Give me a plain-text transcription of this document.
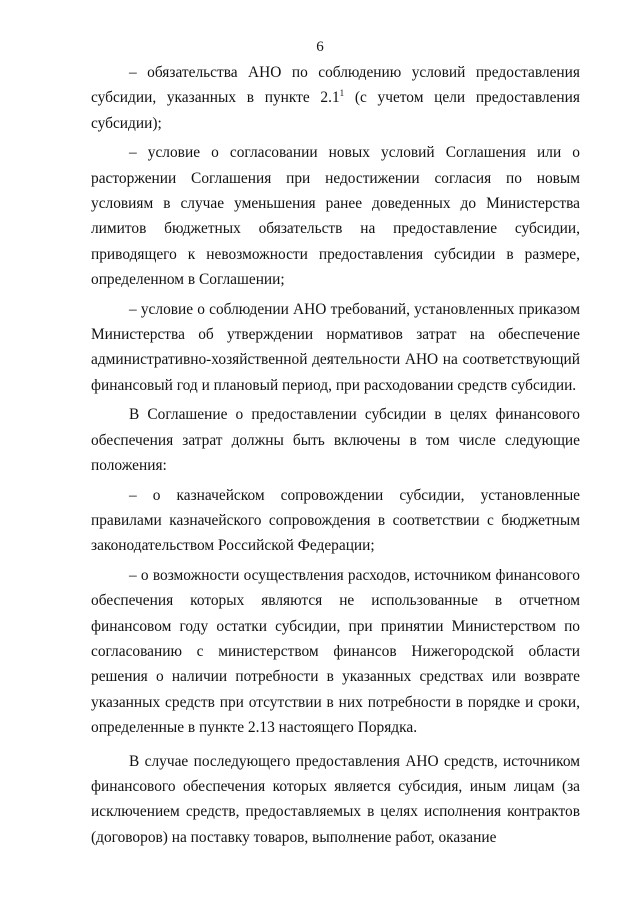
6

– обязательства АНО по соблюдению условий предоставления субсидии, указанных в пункте $2.1^1$ (с учетом цели предоставления субсидии);

– условие о согласовании новых условий Соглашения или о расторжении Соглашения при недостижении согласия по новым условиям в случае уменьшения ранее доведенных до Министерства лимитов бюджетных обязательств на предоставление субсидии, приводящего к невозможности предоставления субсидии в размере, определенном в Соглашении;

– условие о соблюдении АНО требований, установленных приказом Министерства об утверждении нормативов затрат на обеспечение административно-хозяйственной деятельности АНО на соответствующий финансовый год и плановый период, при расходовании средств субсидии.

В Соглашение о предоставлении субсидии в целях финансового обеспечения затрат должны быть включены в том числе следующие положения:

– о казначейском сопровождении субсидии, установленные правилами казначейского сопровождения в соответствии с бюджетным законодательством Российской Федерации;

– о возможности осуществления расходов, источником финансового обеспечения которых являются не использованные в отчетном финансовом году остатки субсидии, при принятии Министерством по согласованию с министерством финансов Нижегородской области решения о наличии потребности в указанных средствах или возврате указанных средств при отсутствии в них потребности в порядке и сроки, определенные в пункте 2.13 настоящего Порядка.

В случае последующего предоставления АНО средств, источником финансового обеспечения которых является субсидия, иным лицам (за исключением средств, предоставляемых в целях исполнения контрактов (договоров) на поставку товаров, выполнение работ, оказание
